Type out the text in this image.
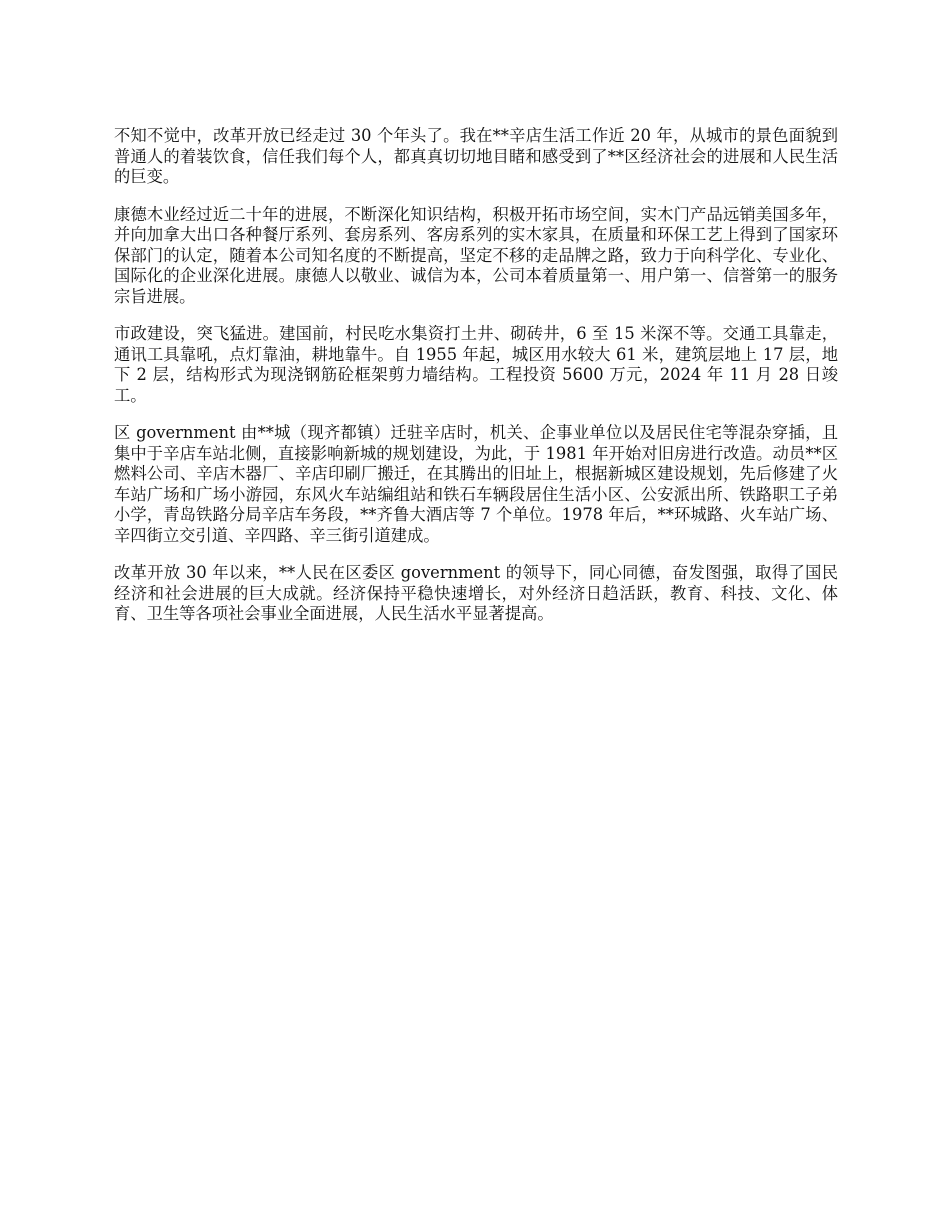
不知不觉中，改革开放已经走过 30 个年头了。我在**辛店生活工作近 20 年，从城市的景色面貌到普通人的着装饮食，信任我们每个人，都真真切切地目睹和感受到了**区经济社会的进展和人民生活的巨变。

康德木业经过近二十年的进展，不断深化知识结构，积极开拓市场空间，实木门产品远销美国多年，并向加拿大出口各种餐厅系列、套房系列、客房系列的实木家具，在质量和环保工艺上得到了国家环保部门的认定，随着本公司知名度的不断提高，坚定不移的走品牌之路，致力于向科学化、专业化、国际化的企业深化进展。康德人以敬业、诚信为本，公司本着质量第一、用户第一、信誉第一的服务宗旨进展。

市政建设，突飞猛进。建国前，村民吃水集资打土井、砌砖井，6 至 15 米深不等。交通工具靠走，通讯工具靠吼，点灯靠油，耕地靠牛。自 1955 年起，城区用水较大 61 米，建筑层地上 17 层，地下 2 层，结构形式为现浇钢筋砼框架剪力墙结构。工程投资 5600 万元，2024 年 11 月 28 日竣工。

区 government 由**城（现齐都镇）迁驻辛店时，机关、企事业单位以及居民住宅等混杂穿插，且集中于辛店车站北侧，直接影响新城的规划建设，为此，于 1981 年开始对旧房进行改造。动员**区燃料公司、辛店木器厂、辛店印刷厂搬迁，在其腾出的旧址上，根据新城区建设规划，先后修建了火车站广场和广场小游园，东风火车站编组站和铁石车辆段居住生活小区、公安派出所、铁路职工子弟小学，青岛铁路分局辛店车务段，**齐鲁大酒店等 7 个单位。1978 年后，**环城路、火车站广场、辛四街立交引道、辛四路、辛三街引道建成。

改革开放 30 年以来，**人民在区委区 government 的领导下，同心同德，奋发图强，取得了国民经济和社会进展的巨大成就。经济保持平稳快速增长，对外经济日趋活跃，教育、科技、文化、体育、卫生等各项社会事业全面进展，人民生活水平显著提高。
